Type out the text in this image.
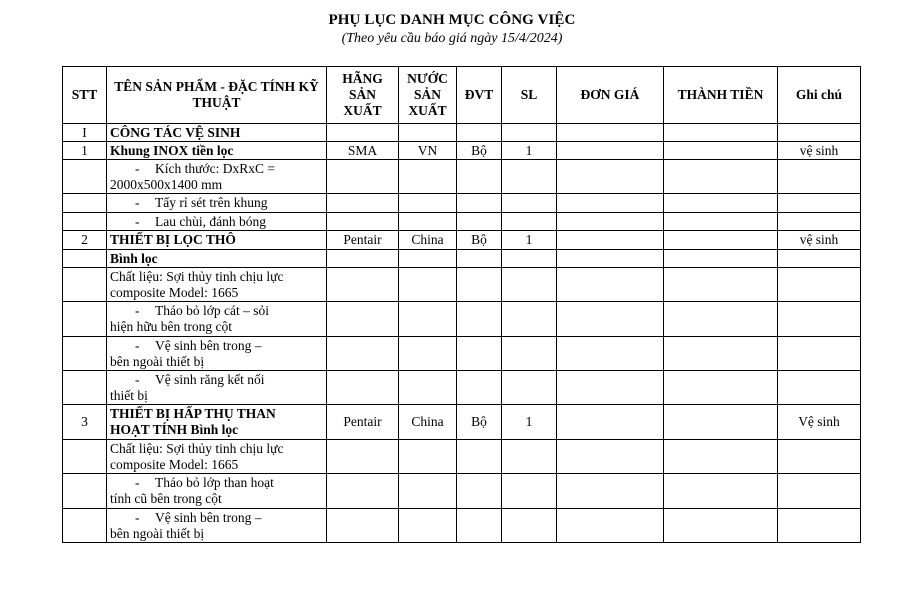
PHỤ LỤC DANH MỤC CÔNG VIỆC
(Theo yêu cầu báo giá ngày 15/4/2024)
STT	TÊN SẢN PHẨM - ĐẶC TÍNH KỸ THUẬT	HÃNG SẢN XUẤT	NƯỚC SẢN XUẤT	ĐVT	SL	ĐƠN GIÁ	THÀNH TIỀN	Ghi chú
I	CÔNG TÁC VỆ SINH							
1	Khung INOX tiền lọc	SMA	VN	Bộ	1			vệ sinh
	- Kích thước: DxRxC =
2000x500x1400 mm							
	- Tẩy rỉ sét trên khung							
	- Lau chùi, đánh bóng							
2	THIẾT BỊ LỌC THÔ	Pentair	China	Bộ	1			vệ sinh
	Bình lọc							
	Chất liệu: Sợi thủy tinh chịu lực
composite Model: 1665							
	- Tháo bỏ lớp cát – sỏi
hiện hữu bên trong cột							
	- Vệ sinh bên trong –
bên ngoài thiết bị							
	- Vệ sinh răng kết nối
thiết bị							
3	THIẾT BỊ HẤP THỤ THAN
HOẠT TÍNH Bình lọc	Pentair	China	Bộ	1			Vệ sinh
	Chất liệu: Sợi thủy tinh chịu lực
composite Model: 1665							
	- Tháo bỏ lớp than hoạt
tính cũ bên trong cột							
	- Vệ sinh bên trong –
bên ngoài thiết bị							
